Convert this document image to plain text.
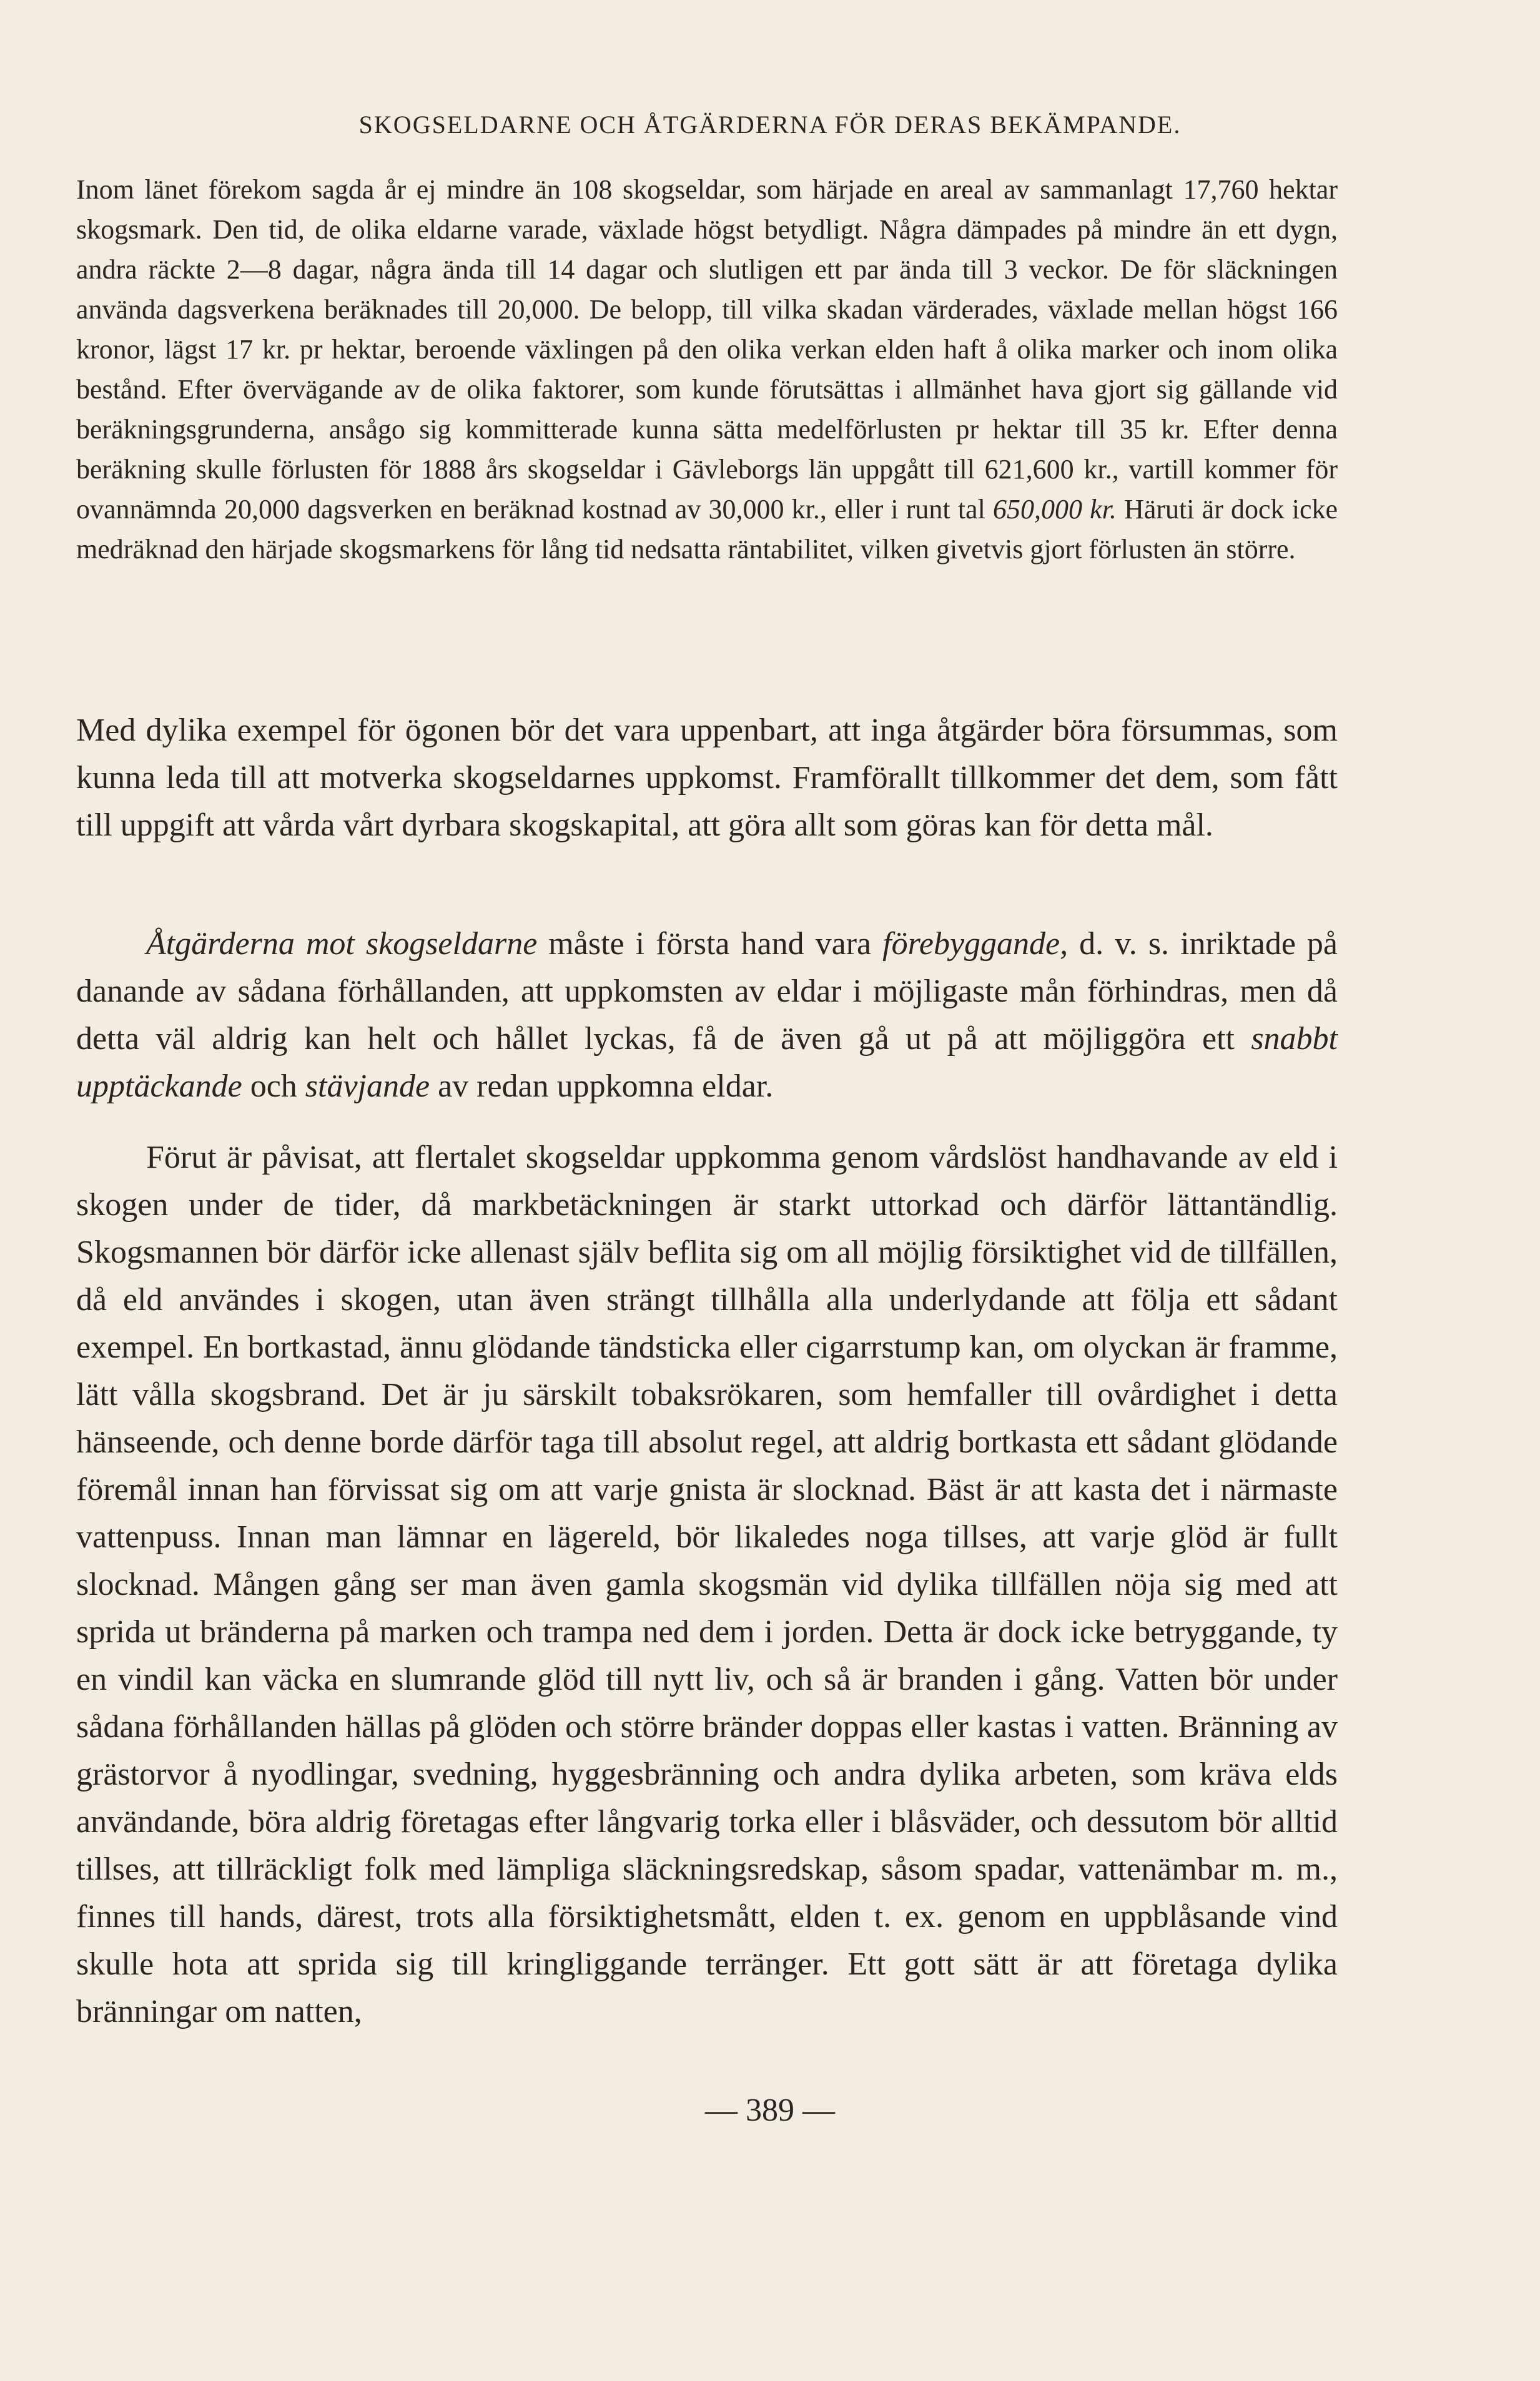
SKOGSELDARNE OCH ÅTGÄRDERNA FÖR DERAS BEKÄMPANDE.

Inom länet förekom sagda år ej mindre än 108 skogseldar, som härjade en areal av sammanlagt 17,760 hektar skogsmark. Den tid, de olika eldarne varade, växlade högst betydligt. Några dämpades på mindre än ett dygn, andra räckte 2—8 dagar, några ända till 14 dagar och slutligen ett par ända till 3 veckor. De för släckningen använda dagsverkena beräknades till 20,000. De belopp, till vilka skadan värderades, växlade mellan högst 166 kronor, lägst 17 kr. pr hektar, beroende växlingen på den olika verkan elden haft å olika marker och inom olika bestånd. Efter övervägande av de olika faktorer, som kunde förutsättas i allmänhet hava gjort sig gällande vid beräkningsgrunderna, ansågo sig kommitterade kunna sätta medelförlusten pr hektar till 35 kr. Efter denna beräkning skulle förlusten för 1888 års skogseldar i Gävleborgs län uppgått till 621,600 kr., vartill kommer för ovannämnda 20,000 dagsverken en beräknad kostnad av 30,000 kr., eller i runt tal 650,000 kr. Häruti är dock icke medräknad den härjade skogsmarkens för lång tid nedsatta räntabilitet, vilken givetvis gjort förlusten än större.

Med dylika exempel för ögonen bör det vara uppenbart, att inga åtgärder böra försummas, som kunna leda till att motverka skogseldarnes uppkomst. Framförallt tillkommer det dem, som fått till uppgift att vårda vårt dyrbara skogskapital, att göra allt som göras kan för detta mål.

Åtgärderna mot skogseldarne måste i första hand vara förebyggande, d. v. s. inriktade på danande av sådana förhållanden, att uppkomsten av eldar i möjligaste mån förhindras, men då detta väl aldrig kan helt och hållet lyckas, få de även gå ut på att möjliggöra ett snabbt upptäckande och stävjande av redan uppkomna eldar.

Förut är påvisat, att flertalet skogseldar uppkomma genom vårdslöst handhavande av eld i skogen under de tider, då markbetäckningen är starkt uttorkad och därför lättantändlig. Skogsmannen bör därför icke allenast själv beflita sig om all möjlig försiktighet vid de tillfällen, då eld användes i skogen, utan även strängt tillhålla alla underlydande att följa ett sådant exempel. En bortkastad, ännu glödande tändsticka eller cigarrstump kan, om olyckan är framme, lätt vålla skogsbrand. Det är ju särskilt tobaksrökaren, som hemfaller till ovårdighet i detta hänseende, och denne borde därför taga till absolut regel, att aldrig bortkasta ett sådant glödande föremål innan han förvissat sig om att varje gnista är slocknad. Bäst är att kasta det i närmaste vattenpuss. Innan man lämnar en lägereld, bör likaledes noga tillses, att varje glöd är fullt slocknad. Mången gång ser man även gamla skogsmän vid dylika tillfällen nöja sig med att sprida ut bränderna på marken och trampa ned dem i jorden. Detta är dock icke betryggande, ty en vindil kan väcka en slumrande glöd till nytt liv, och så är branden i gång. Vatten bör under sådana förhållanden hällas på glöden och större bränder doppas eller kastas i vatten. Bränning av grästorvor å nyodlingar, svedning, hyggesbränning och andra dylika arbeten, som kräva elds användande, böra aldrig företagas efter långvarig torka eller i blåsväder, och dessutom bör alltid tillses, att tillräckligt folk med lämpliga släckningsredskap, såsom spadar, vattenämbar m. m., finnes till hands, därest, trots alla försiktighetsmått, elden t. ex. genom en uppblåsande vind skulle hota att sprida sig till kringliggande terränger. Ett gott sätt är att företaga dylika bränningar om natten,

— 389 —
